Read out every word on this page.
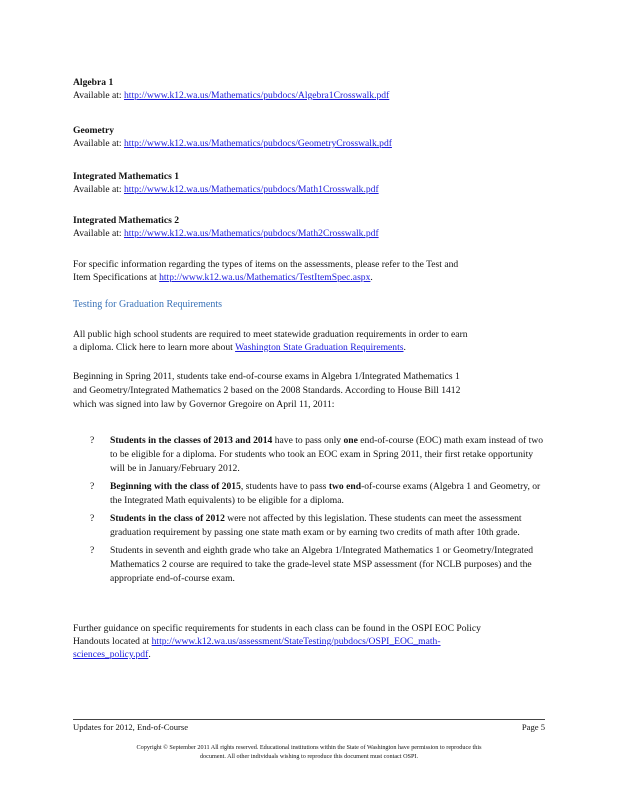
Algebra 1
Available at: http://www.k12.wa.us/Mathematics/pubdocs/Algebra1Crosswalk.pdf
Geometry
Available at: http://www.k12.wa.us/Mathematics/pubdocs/GeometryCrosswalk.pdf
Integrated Mathematics 1
Available at: http://www.k12.wa.us/Mathematics/pubdocs/Math1Crosswalk.pdf
Integrated Mathematics 2
Available at: http://www.k12.wa.us/Mathematics/pubdocs/Math2Crosswalk.pdf
For specific information regarding the types of items on the assessments, please refer to the Test and
Item Specifications at http://www.k12.wa.us/Mathematics/TestItemSpec.aspx.
Testing for Graduation Requirements
All public high school students are required to meet statewide graduation requirements in order to earn
a diploma. Click here to learn more about Washington State Graduation Requirements.
Beginning in Spring 2011, students take end-of-course exams in Algebra 1/Integrated Mathematics 1
and Geometry/Integrated Mathematics 2 based on the 2008 Standards. According to House Bill 1412
which was signed into law by Governor Gregoire on April 11, 2011:
?	Students in the classes of 2013 and 2014 have to pass only one end-of-course (EOC) math exam instead of two to be eligible for a diploma. For students who took an EOC exam in Spring 2011, their first retake opportunity will be in January/February 2012.
?	Beginning with the class of 2015, students have to pass two end-of-course exams (Algebra 1 and Geometry, or the Integrated Math equivalents) to be eligible for a diploma.
?	Students in the class of 2012 were not affected by this legislation. These students can meet the assessment graduation requirement by passing one state math exam or by earning two credits of math after 10th grade.
?	Students in seventh and eighth grade who take an Algebra 1/Integrated Mathematics 1 or Geometry/Integrated Mathematics 2 course are required to take the grade-level state MSP assessment (for NCLB purposes) and the appropriate end-of-course exam.
Further guidance on specific requirements for students in each class can be found in the OSPI EOC Policy
Handouts located at http://www.k12.wa.us/assessment/StateTesting/pubdocs/OSPI_EOC_math-
sciences_policy.pdf.
Updates for 2012, End-of-Course	Page 5
Copyright © September 2011 All rights reserved. Educational institutions within the State of Washington have permission to reproduce this
document. All other individuals wishing to reproduce this document must contact OSPI.
